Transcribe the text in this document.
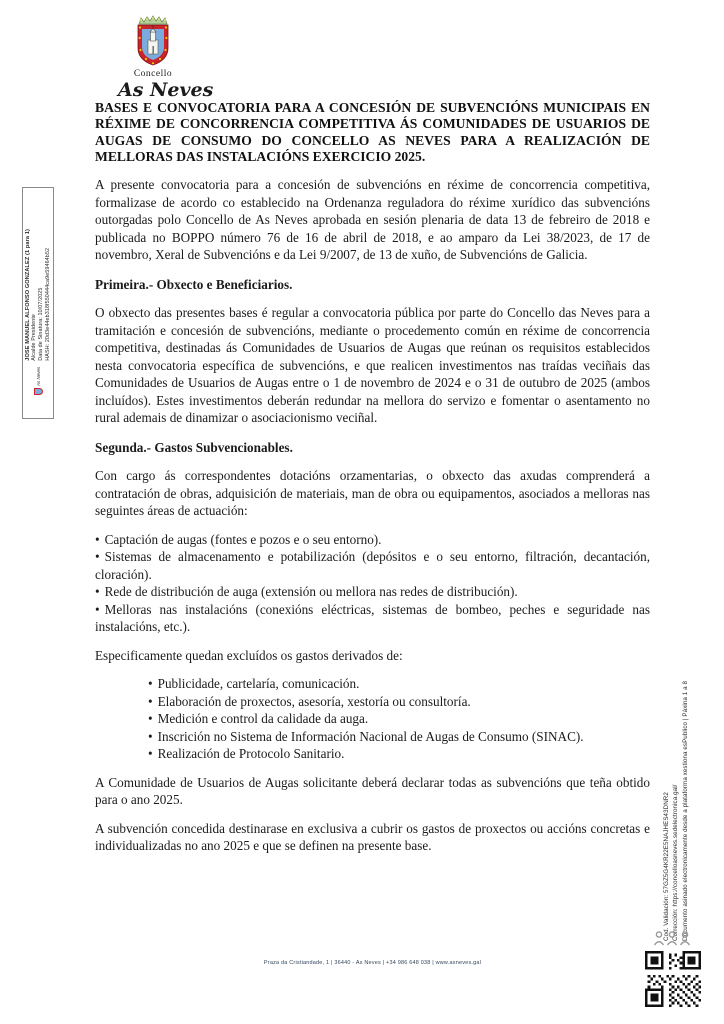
Concello
As Neves
BASES E CONVOCATORIA PARA A CONCESIÓN DE SUBVENCIÓNS MUNICIPAIS EN RÉXIME DE CONCORRENCIA COMPETITIVA ÁS COMUNIDADES DE USUARIOS DE AUGAS DE CONSUMO DO CONCELLO AS NEVES PARA A REALIZACIÓN DE MELLORAS DAS INSTALACIÓNS EXERCICIO 2025.

A presente convocatoria para a concesión de subvencións en réxime de concorrencia competitiva, formalizase de acordo co establecido na Ordenanza reguladora do réxime xurídico das subvencións outorgadas polo Concello de As Neves aprobada en sesión plenaria de data 13 de febreiro de 2018 e publicada no BOPPO número 76 de 16 de abril de 2018, e ao amparo da Lei 38/2023, de 17 de novembro, Xeral de Subvencións e da Lei 9/2007, de 13 de xuño, de Subvencións de Galicia.

Primeira.- Obxecto e Beneficiarios.

O obxecto das presentes bases é regular a convocatoria pública por parte do Concello das Neves para a tramitación e concesión de subvencións, mediante o procedemento común en réxime de concorrencia competitiva, destinadas ás Comunidades de Usuarios de Augas que reúnan os requisitos establecidos nesta convocatoria específica de subvencións, e que realicen investimentos nas traídas veciñais das Comunidades de Usuarios de Augas entre o 1 de novembro de 2024 e o 31 de outubro de 2025 (ambos incluídos). Estes investimentos deberán redundar na mellora do servizo e fomentar o asentamento no rural ademais de dinamizar o asociacionismo veciñal.

Segunda.- Gastos Subvencionables.

Con cargo ás correspondentes dotacións orzamentarias, o obxecto das axudas comprenderá a contratación de obras, adquisición de materiais, man de obra ou equipamentos, asociados a melloras nas seguintes áreas de actuación:

• Captación de augas (fontes e pozos e o seu entorno).
• Sistemas de almacenamento e potabilización (depósitos e o seu entorno, filtración, decantación, cloración).
• Rede de distribución de auga (extensión ou mellora nas redes de distribución).
• Melloras nas instalacións (conexións eléctricas, sistemas de bombeo, peches e seguridade nas instalacións, etc.).

Especificamente quedan excluídos os gastos derivados de:

• Publicidade, cartelaría, comunicación.
• Elaboración de proxectos, asesoría, xestoría ou consultoría.
• Medición e control da calidade da auga.
• Inscrición no Sistema de Información Nacional de Augas de Consumo (SINAC).
• Realización de Protocolo Sanitario.

A Comunidade de Usuarios de Augas solicitante deberá declarar todas as subvencións que teña obtido para o ano 2025.

A subvención concedida destinarase en exclusiva a cubrir os gastos de proxectos ou accións concretas e individualizadas no ano 2025 e que se definen na presente base.

As Neves
JOSE MANUEL ALFONSO GONZALEZ (1 para 1) Alcalde Presidente Data de Sinatura: 10/07/2025 HASH: 20d3e44eb318f550444ca9e59464b52
Cod. Validación: 57GZ5G4KR22E5NAJHES43DNR2 Corrección: https://concelloasneves.sedelectronica.gal/ Documento asinado electronicamente desde a plataforma xestiona esPublico | Páxina 1 a 8
Praza da Cristiandade, 1 | 36440 - As Neves | +34 986 648 038 | www.asneves.gal
